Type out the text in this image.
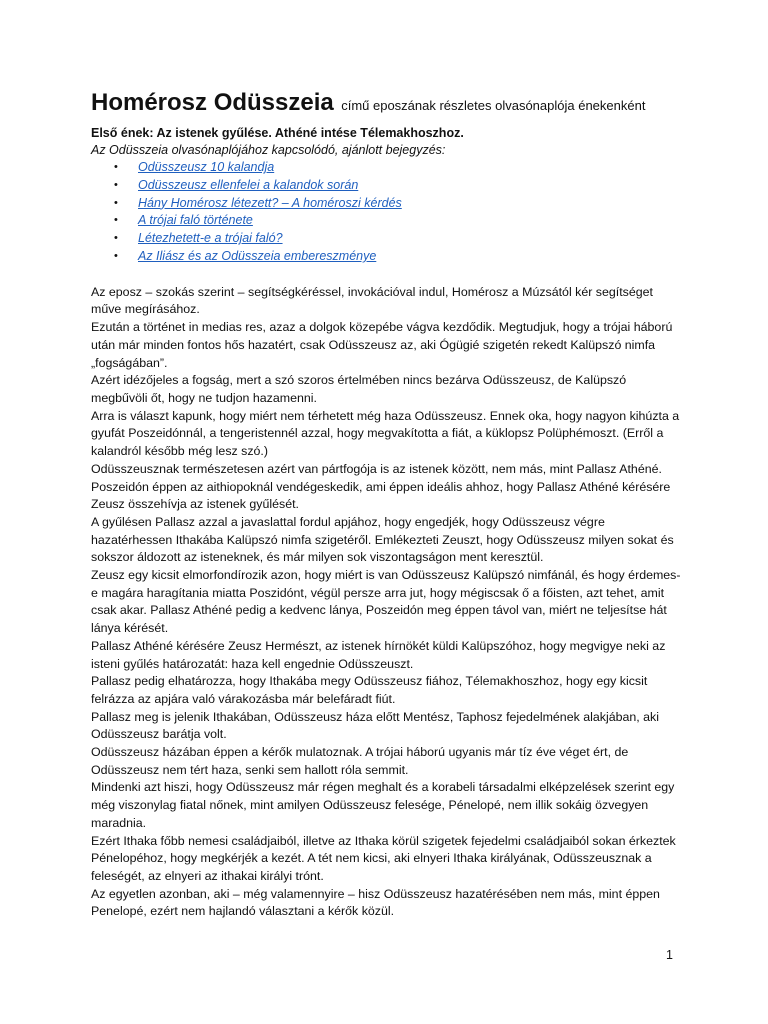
Homérosz Odüsszeia című eposzának részletes olvasónaplója énekenként

Első ének: Az istenek gyűlése. Athéné intése Télemakhoszhoz.

Az Odüsszeia olvasónaplójához kapcsolódó, ajánlott bejegyzés:

• Odüsszeusz 10 kalandja
• Odüsszeusz ellenfelei a kalandok során
• Hány Homérosz létezett? – A homéroszi kérdés
• A trójai faló története
• Létezhetett-e a trójai faló?
• Az Iliász és az Odüsszeia embereszménye

Az eposz – szokás szerint – segítségkéréssel, invokációval indul, Homérosz a Múzsától kér segítséget műve megírásához.

Ezután a történet in medias res, azaz a dolgok közepébe vágva kezdődik. Megtudjuk, hogy a trójai háború után már minden fontos hős hazatért, csak Odüsszeusz az, aki Ógügié szigetén rekedt Kalüpszó nimfa „fogságában”.

Azért idézőjeles a fogság, mert a szó szoros értelmében nincs bezárva Odüsszeusz, de Kalüpszó megbűvöli őt, hogy ne tudjon hazamenni.

Arra is választ kapunk, hogy miért nem térhetett még haza Odüsszeusz. Ennek oka, hogy nagyon kihúzta a gyufát Poszeidónnál, a tengeristennél azzal, hogy megvakította a fiát, a küklopsz Polüphémoszt. (Erről a kalandról később még lesz szó.)

Odüsszeusznak természetesen azért van pártfogója is az istenek között, nem más, mint Pallasz Athéné.

Poszeidón éppen az aithiopoknál vendégeskedik, ami éppen ideális ahhoz, hogy Pallasz Athéné kérésére Zeusz összehívja az istenek gyűlését.

A gyűlésen Pallasz azzal a javaslattal fordul apjához, hogy engedjék, hogy Odüsszeusz végre hazatérhessen Ithakába Kalüpszó nimfa szigetéről. Emlékezteti Zeuszt, hogy Odüsszeusz milyen sokat és sokszor áldozott az isteneknek, és már milyen sok viszontagságon ment keresztül.

Zeusz egy kicsit elmorfondírozik azon, hogy miért is van Odüsszeusz Kalüpszó nimfánál, és hogy érdemes-e magára haragítania miatta Poszidónt, végül persze arra jut, hogy mégiscsak ő a főisten, azt tehet, amit csak akar. Pallasz Athéné pedig a kedvenc lánya, Poszeidón meg éppen távol van, miért ne teljesítse hát lánya kérését.

Pallasz Athéné kérésére Zeusz Hermészt, az istenek hírnökét küldi Kalüpszóhoz, hogy megvigye neki az isteni gyűlés határozatát: haza kell engednie Odüsszeuszt.

Pallasz pedig elhatározza, hogy Ithakába megy Odüsszeusz fiához, Télemakhoszhoz, hogy egy kicsit felrázza az apjára való várakozásba már belefáradt fiút.

Pallasz meg is jelenik Ithakában, Odüsszeusz háza előtt Mentész, Taphosz fejedelmének alakjában, aki Odüsszeusz barátja volt.

Odüsszeusz házában éppen a kérők mulatoznak. A trójai háború ugyanis már tíz éve véget ért, de Odüsszeusz nem tért haza, senki sem hallott róla semmit.

Mindenki azt hiszi, hogy Odüsszeusz már régen meghalt és a korabeli társadalmi elképzelések szerint egy még viszonylag fiatal nőnek, mint amilyen Odüsszeusz felesége, Pénelopé, nem illik sokáig özvegyen maradnia.

Ezért Ithaka főbb nemesi családjaiból, illetve az Ithaka körül szigetek fejedelmi családjaiból sokan érkeztek Pénelopéhoz, hogy megkérjék a kezét. A tét nem kicsi, aki elnyeri Ithaka királyának, Odüsszeusznak a feleségét, az elnyeri az ithakai királyi trónt.

Az egyetlen azonban, aki – még valamennyire – hisz Odüsszeusz hazatérésében nem más, mint éppen Penelopé, ezért nem hajlandó választani a kérők közül.

1
